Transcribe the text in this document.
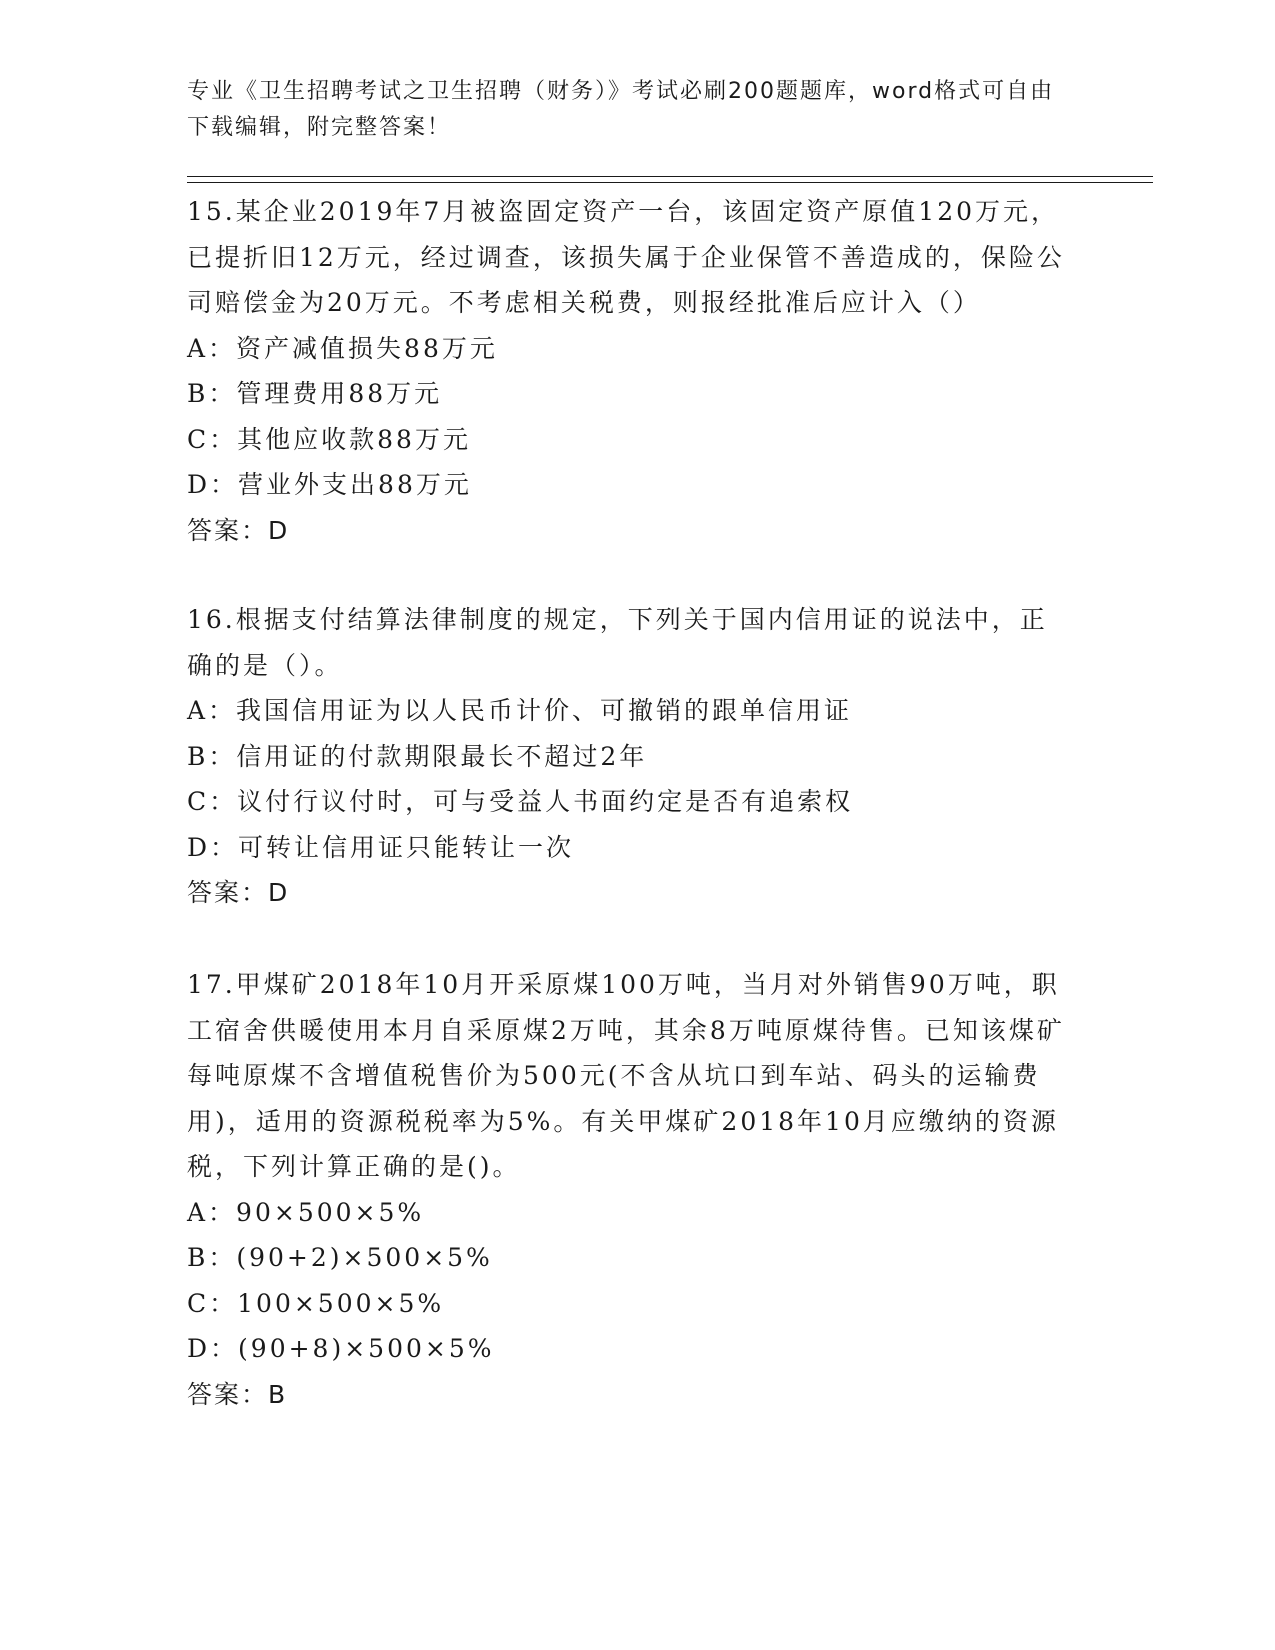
专业《卫生招聘考试之卫生招聘（财务）》考试必刷200题题库，word格式可自由下载编辑，附完整答案！

15.某企业2019年7月被盗固定资产一台，该固定资产原值120万元，已提折旧12万元，经过调查，该损失属于企业保管不善造成的，保险公司赔偿金为20万元。不考虑相关税费，则报经批准后应计入（）

A：资产减值损失88万元

B：管理费用88万元

C：其他应收款88万元

D：营业外支出88万元

答案：D

16.根据支付结算法律制度的规定，下列关于国内信用证的说法中，正确的是（）。

A：我国信用证为以人民币计价、可撤销的跟单信用证

B：信用证的付款期限最长不超过2年

C：议付行议付时，可与受益人书面约定是否有追索权

D：可转让信用证只能转让一次

答案：D

17.甲煤矿2018年10月开采原煤100万吨，当月对外销售90万吨，职工宿舍供暖使用本月自采原煤2万吨，其余8万吨原煤待售。已知该煤矿每吨原煤不含增值税售价为500元(不含从坑口到车站、码头的运输费用)，适用的资源税税率为5%。有关甲煤矿2018年10月应缴纳的资源税，下列计算正确的是()。

A：90×500×5%

B：(90+2)×500×5%

C：100×500×5%

D：(90+8)×500×5%

答案：B
